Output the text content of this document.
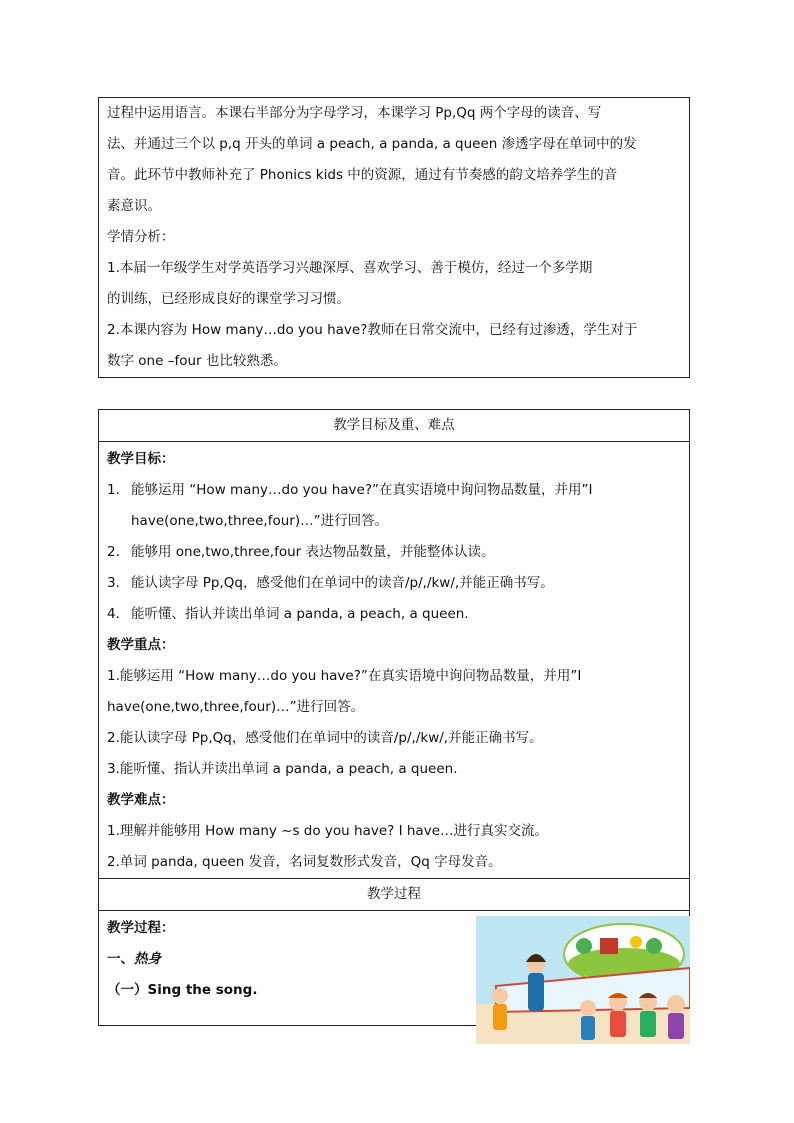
过程中运用语言。本课右半部分为字母学习，本课学习 Pp,Qq 两个字母的读音、写
法、并通过三个以 p,q 开头的单词 a peach, a panda, a queen 渗透字母在单词中的发
音。此环节中教师补充了 Phonics kids 中的资源，通过有节奏感的韵文培养学生的音
素意识。
学情分析：
1.本届一年级学生对学英语学习兴趣深厚、喜欢学习、善于模仿，经过一个多学期
的训练，已经形成良好的课堂学习习惯。
2.本课内容为 How many…do you have?教师在日常交流中，已经有过渗透，学生对于
数字 one –four 也比较熟悉。
教学目标及重、难点
教学目标：
1. 能够运用 “How many…do you have?”在真实语境中询问物品数量，并用”I
have(one,two,three,four)…”进行回答。
2. 能够用 one,two,three,four 表达物品数量，并能整体认读。
3. 能认读字母 Pp,Qq，感受他们在单词中的读音/p/,/kw/,并能正确书写。
4. 能听懂、指认并读出单词 a panda, a peach, a queen.
教学重点：
1.能够运用 “How many…do you have?”在真实语境中询问物品数量，并用”I
have(one,two,three,four)…”进行回答。
2.能认读字母 Pp,Qq，感受他们在单词中的读音/p/,/kw/,并能正确书写。
3.能听懂、指认并读出单词 a panda, a peach, a queen.
教学难点：
1.理解并能够用 How many ~s do you have? I have…进行真实交流。
2.单词 panda, queen 发音，名词复数形式发音，Qq 字母发音。
教学过程
教学过程：
一、热身
（一）Sing the song.
